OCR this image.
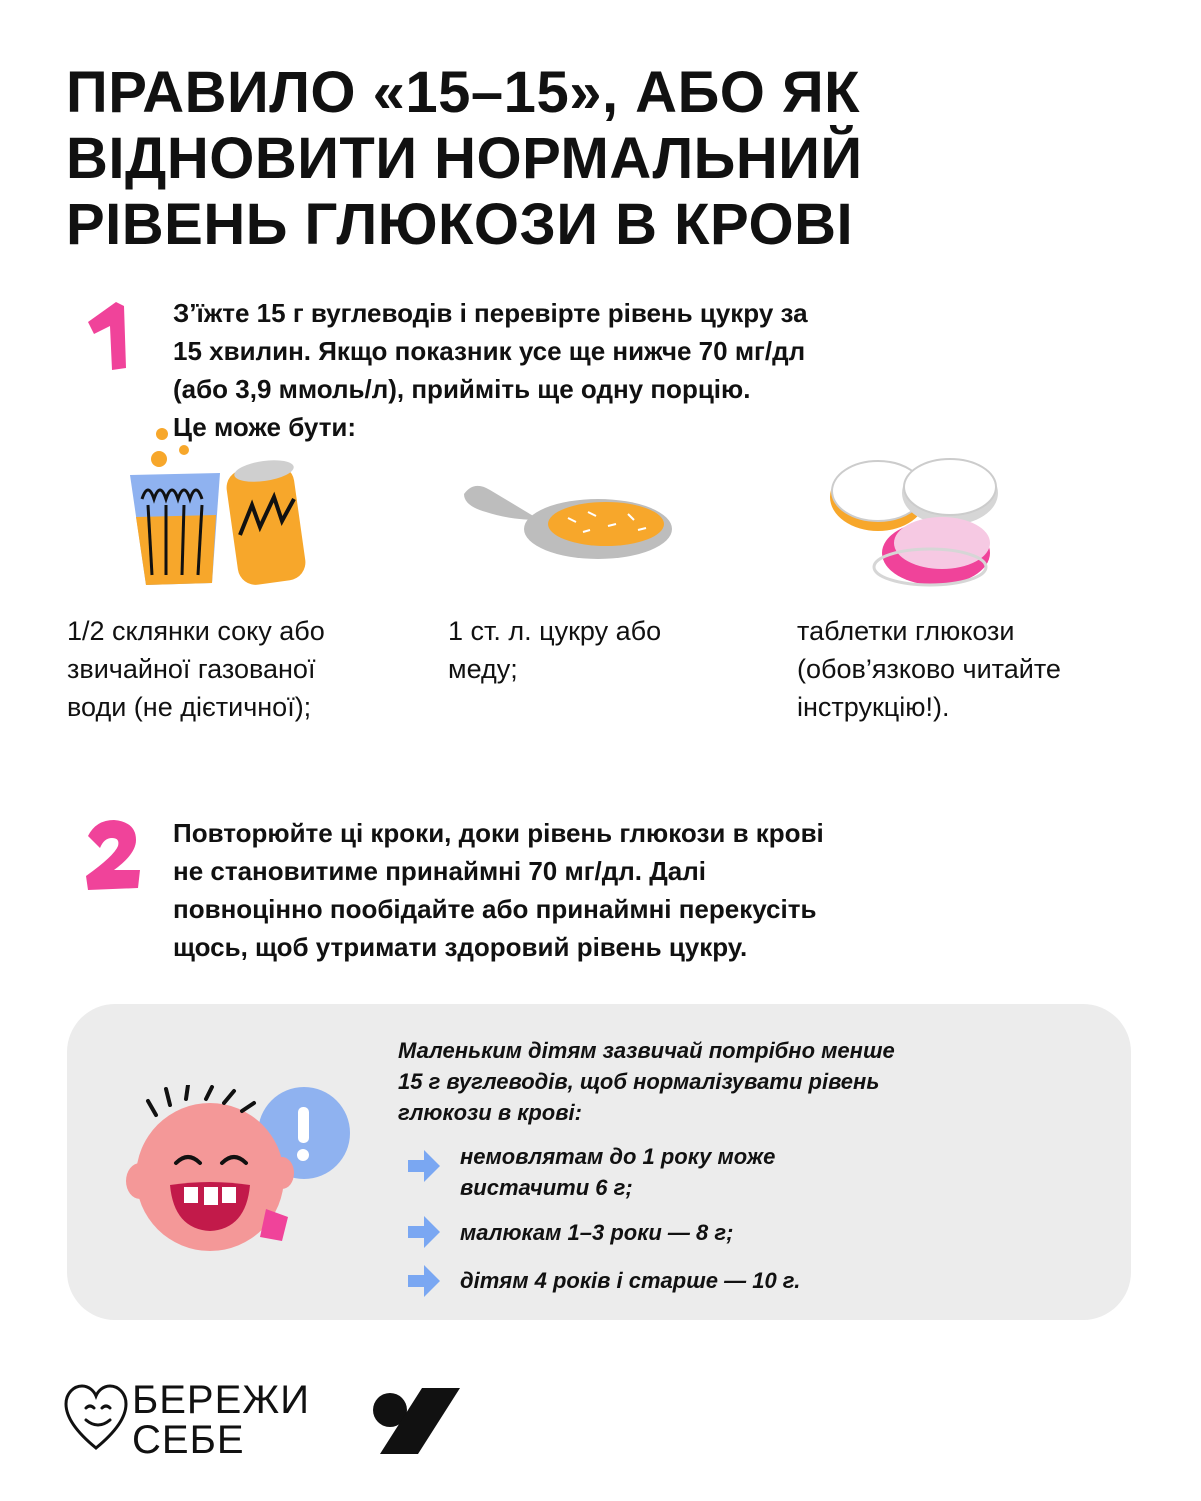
ПРАВИЛО «15–15», АБО ЯК
ВІДНОВИТИ НОРМАЛЬНИЙ
РІВЕНЬ ГЛЮКОЗИ В КРОВІ
З’їжте 15 г вуглеводів і перевірте рівень цукру за
15 хвилин. Якщо показник усе ще нижче 70 мг/дл
(або 3,9 ммоль/л), прийміть ще одну порцію.
Це може бути:
1/2 склянки соку або
звичайної газованої
води (не дієтичної);
1 ст. л. цукру або
меду;
таблетки глюкози
(обов’язково читайте
інструкцію!).
Повторюйте ці кроки, доки рівень глюкози в крові
не становитиме принаймні 70 мг/дл. Далі
повноцінно пообідайте або принаймні перекусіть
щось, щоб утримати здоровий рівень цукру.
Маленьким дітям зазвичай потрібно менше
15 г вуглеводів, щоб нормалізувати рівень
глюкози в крові:
немовлятам до 1 року може
вистачити 6 г;
малюкам 1–3 роки — 8 г;
дітям 4 років і старше — 10 г.
БЕРЕЖИ
СЕБЕ
